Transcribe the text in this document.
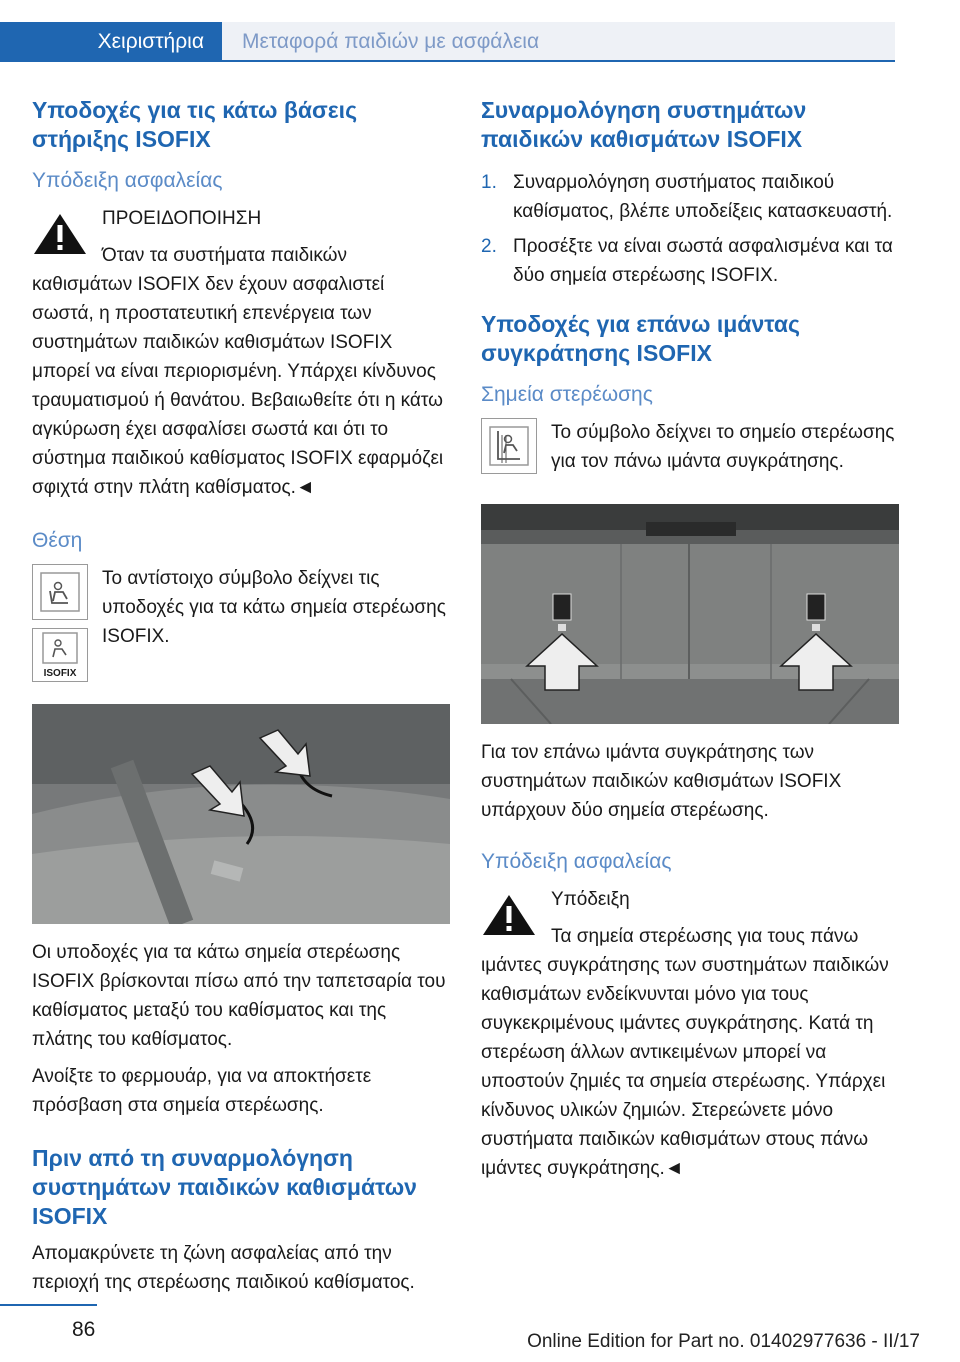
Χειριστήρια	Μεταφορά παιδιών με ασφάλεια
Υποδοχές για τις κάτω βάσεις στήριξης ISOFIX
Υπόδειξη ασφαλείας

ΠΡΟΕΙΔΟΠΟΙΗΣΗ

Όταν τα συστήματα παιδικών καθισμάτων ISOFIX δεν έχουν ασφαλιστεί σωστά, η προστατευτική επενέργεια των συστημάτων παιδικών καθισμάτων ISOFIX μπορεί να είναι περιορισμένη. Υπάρχει κίνδυνος τραυματισμού ή θανάτου. Βεβαιωθείτε ότι η κάτω αγκύρωση έχει ασφαλίσει σωστά και ότι το σύστημα παιδικού καθίσματος ISOFIX εφαρμόζει σφιχτά στην πλάτη καθίσματος.◄

Θέση
ISOFIX

Το αντίστοιχο σύμβολο δείχνει τις υποδοχές για τα κάτω σημεία στερέωσης ISOFIX.

Οι υποδοχές για τα κάτω σημεία στερέωσης ISOFIX βρίσκονται πίσω από την ταπετσαρία του καθίσματος μεταξύ του καθίσματος και της πλάτης του καθίσματος.

Ανοίξτε το φερμουάρ, για να αποκτήσετε πρόσβαση στα σημεία στερέωσης.

Πριν από τη συναρμολόγηση συστημάτων παιδικών καθισμάτων ISOFIX

Απομακρύνετε τη ζώνη ασφαλείας από την περιοχή της στερέωσης παιδικού καθίσματος.

Συναρμολόγηση συστημάτων παιδικών καθισμάτων ISOFIX
1. Συναρμολόγηση συστήματος παιδικού καθίσματος, βλέπε υποδείξεις κατασκευαστή.
2. Προσέξτε να είναι σωστά ασφαλισμένα και τα δύο σημεία στερέωσης ISOFIX.
Υποδοχές για επάνω ιμάντας συγκράτησης ISOFIX
Σημεία στερέωσης

Το σύμβολο δείχνει το σημείο στερέωσης για τον πάνω ιμάντα συγκράτησης.

Για τον επάνω ιμάντα συγκράτησης των συστημάτων παιδικών καθισμάτων ISOFIX υπάρχουν δύο σημεία στερέωσης.

Υπόδειξη ασφαλείας

Υπόδειξη

Τα σημεία στερέωσης για τους πάνω ιμάντες συγκράτησης των συστημάτων παιδικών καθισμάτων ενδείκνυνται μόνο για τους συγκεκριμένους ιμάντες συγκράτησης. Κατά τη στερέωση άλλων αντικειμένων μπορεί να υποστούν ζημιές τα σημεία στερέωσης. Υπάρχει κίνδυνος υλικών ζημιών. Στερεώνετε μόνο συστήματα παιδικών καθισμάτων στους πάνω ιμάντες συγκράτησης.◄

86
Online Edition for Part no. 01402977636 - II/17
